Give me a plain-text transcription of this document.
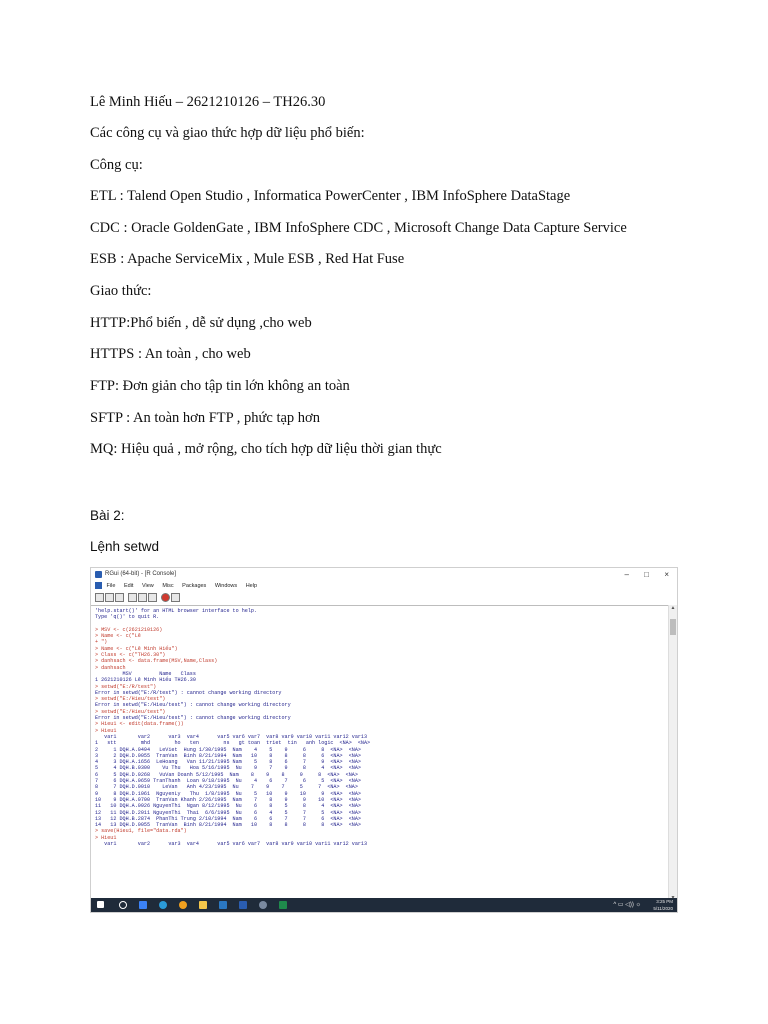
Lê Minh Hiếu – 2621210126 – TH26.30
Các công cụ và giao thức hợp dữ liệu phổ biến:
Công cụ:
ETL : Talend Open Studio , Informatica PowerCenter , IBM InfoSphere DataStage
CDC : Oracle GoldenGate , IBM InfoSphere CDC , Microsoft Change Data Capture Service
ESB : Apache ServiceMix , Mule ESB , Red Hat Fuse
Giao thức:
HTTP:Phổ biến , dễ sử dụng ,cho web
HTTPS : An toàn , cho web
FTP: Đơn giản cho tập tin lớn không an toàn
SFTP : An toàn hơn FTP , phức tạp hơn
MQ: Hiệu quả , mở rộng, cho tích hợp dữ liệu thời gian thực
Bài 2:
Lệnh setwd
RGui (64-bit) - [R Console]	– □ ×
File Edit View Misc Packages Windows Help
'help.start()' for an HTML browser interface to help.
Type 'q()' to quit R.

> MSV <- c(2621210126)
> Name <- c("Lê
+ ")
> Name <- c("Lê Minh Hiếu")
> Class <- c("TH26.30")
> danhsach <- data.frame(MSV,Name,Class)
> danhsach
MSV         Name   Class
1 2621210126 Lê Minh Hiếu TH26.30
> setwd("E:/R/test")
Error in setwd("E:/R/test") : cannot change working directory
> setwd("E:/Hieu/test")
Error in setwd("E:/Hieu/test") : cannot change working directory
> setwd("E:/Hieu/test")
Error in setwd("E:/Hieu/test") : cannot change working directory
> Hieu1 <- edit(data.frame())
> Hieu1
var1       var2      var3  var4      var5 var6 var7  var8 var9 var10 var11 var12 var13
1   stt        mhd        ho   ten        ns   gt toan  triet  tin   anh logic  <NA>  <NA>
2     1 DQH.A.0494   LeViet  Hung 1/30/1995  Nam    4    5    9     6     8  <NA>  <NA>
3     2 DQH.D.0055  TranVan  Binh 8/21/1994  Nam   10    8    8     8     6  <NA>  <NA>
4     3 DQH.A.1656  LeHoang   Van 11/21/1995 Nam    5    8    6     7     9  <NA>  <NA>
5     4 DQH.B.0300    Vu Thu   Hoa 5/16/1995  Nu    9    7    9     8     4  <NA>  <NA>
6     5 DQH.D.0268   VuVan Doanh 5/12/1995  Nam    8    9    8     9     8  <NA>  <NA>
7     6 DQH.A.0659 TranThanh  Loan 9/18/1995  Nu    4    6    7     6     5  <NA>  <NA>
8     7 DQH.D.0010    LeVan   Anh 4/23/1995  Nu    7    9    7     5     7  <NA>  <NA>
9     8 DQH.D.1061  NguyenLy   Thu  1/8/1995  Nu    5   10    9    10     9  <NA>  <NA>
10    9 DQH.A.0700  TranVan Khanh 2/26/1995  Nam    7    8    9     9    10  <NA>  <NA>
11   10 DQH.A.0926 NguyenThi  Ngan 8/12/1995  Nu    6    8    5     8     4  <NA>  <NA>
12   11 DQH.D.2011 NguyenThi  Thai  6/6/1995  Nu    6    4    5     7     5  <NA>  <NA>
13   12 DQH.B.2874  PhanThi Trung 2/10/1994  Nam    6    6    7     7     6  <NA>  <NA>
14   13 DQH.D.0055  TranVan  Binh 8/21/1994  Nam   10    8    8     8     8  <NA>  <NA>
> save(Hieu1, file="data.rda")
> Hieu1
var1       var2      var3  var4      var5 var6 var7  var8 var9 var10 var11 var12 var13

▲
^ ▭ ◁)) ☼
3:25 PM
5/11/2020
